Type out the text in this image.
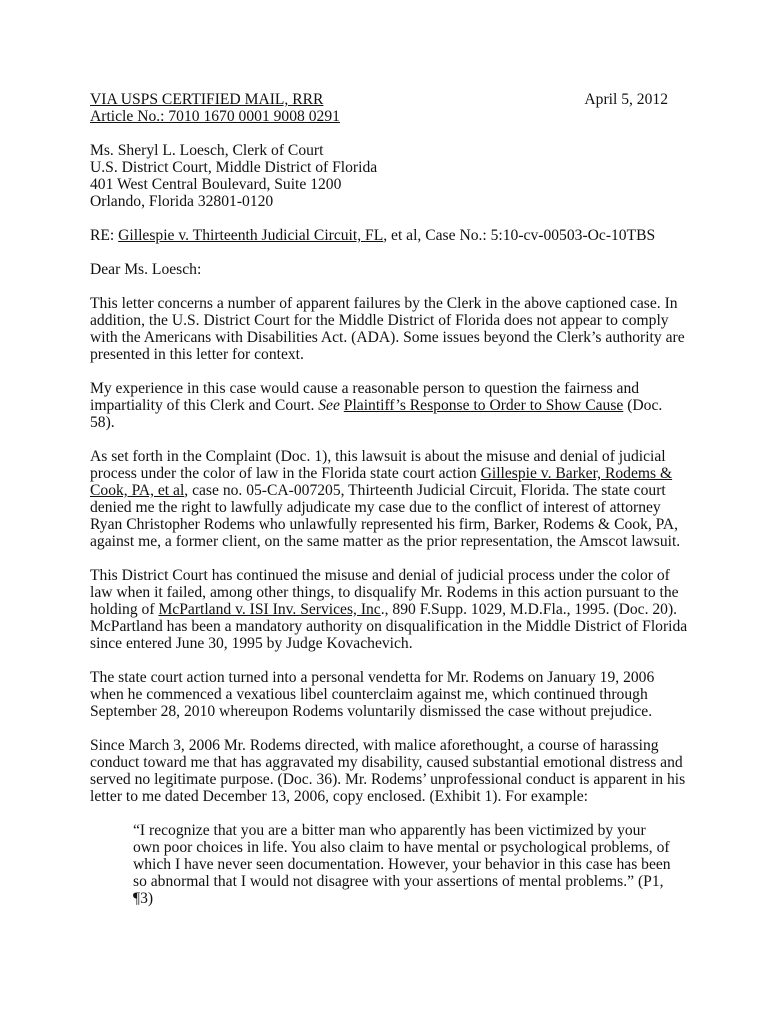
VIA USPS CERTIFIED MAIL, RRR	April 5, 2012
Article No.: 7010 1670 0001 9008 0291
Ms. Sheryl L. Loesch, Clerk of Court
U.S. District Court, Middle District of Florida
401 West Central Boulevard, Suite 1200
Orlando, Florida 32801-0120

RE: Gillespie v. Thirteenth Judicial Circuit, FL, et al, Case No.: 5:10-cv-00503-Oc-10TBS

Dear Ms. Loesch:

This letter concerns a number of apparent failures by the Clerk in the above captioned case. In addition, the U.S. District Court for the Middle District of Florida does not appear to comply with the Americans with Disabilities Act. (ADA). Some issues beyond the Clerk’s authority are presented in this letter for context.

My experience in this case would cause a reasonable person to question the fairness and impartiality of this Clerk and Court. See Plaintiff’s Response to Order to Show Cause (Doc. 58).

As set forth in the Complaint (Doc. 1), this lawsuit is about the misuse and denial of judicial process under the color of law in the Florida state court action Gillespie v. Barker, Rodems & Cook, PA, et al, case no. 05-CA-007205, Thirteenth Judicial Circuit, Florida. The state court denied me the right to lawfully adjudicate my case due to the conflict of interest of attorney Ryan Christopher Rodems who unlawfully represented his firm, Barker, Rodems & Cook, PA, against me, a former client, on the same matter as the prior representation, the Amscot lawsuit.

This District Court has continued the misuse and denial of judicial process under the color of law when it failed, among other things, to disqualify Mr. Rodems in this action pursuant to the holding of McPartland v. ISI Inv. Services, Inc., 890 F.Supp. 1029, M.D.Fla., 1995. (Doc. 20). McPartland has been a mandatory authority on disqualification in the Middle District of Florida since entered June 30, 1995 by Judge Kovachevich.

The state court action turned into a personal vendetta for Mr. Rodems on January 19, 2006 when he commenced a vexatious libel counterclaim against me, which continued through September 28, 2010 whereupon Rodems voluntarily dismissed the case without prejudice.

Since March 3, 2006 Mr. Rodems directed, with malice aforethought, a course of harassing conduct toward me that has aggravated my disability, caused substantial emotional distress and served no legitimate purpose. (Doc. 36). Mr. Rodems’ unprofessional conduct is apparent in his letter to me dated December 13, 2006, copy enclosed. (Exhibit 1). For example:

“I recognize that you are a bitter man who apparently has been victimized by your own poor choices in life. You also claim to have mental or psychological problems, of which I have never seen documentation. However, your behavior in this case has been so abnormal that I would not disagree with your assertions of mental problems.” (P1, ¶3)
